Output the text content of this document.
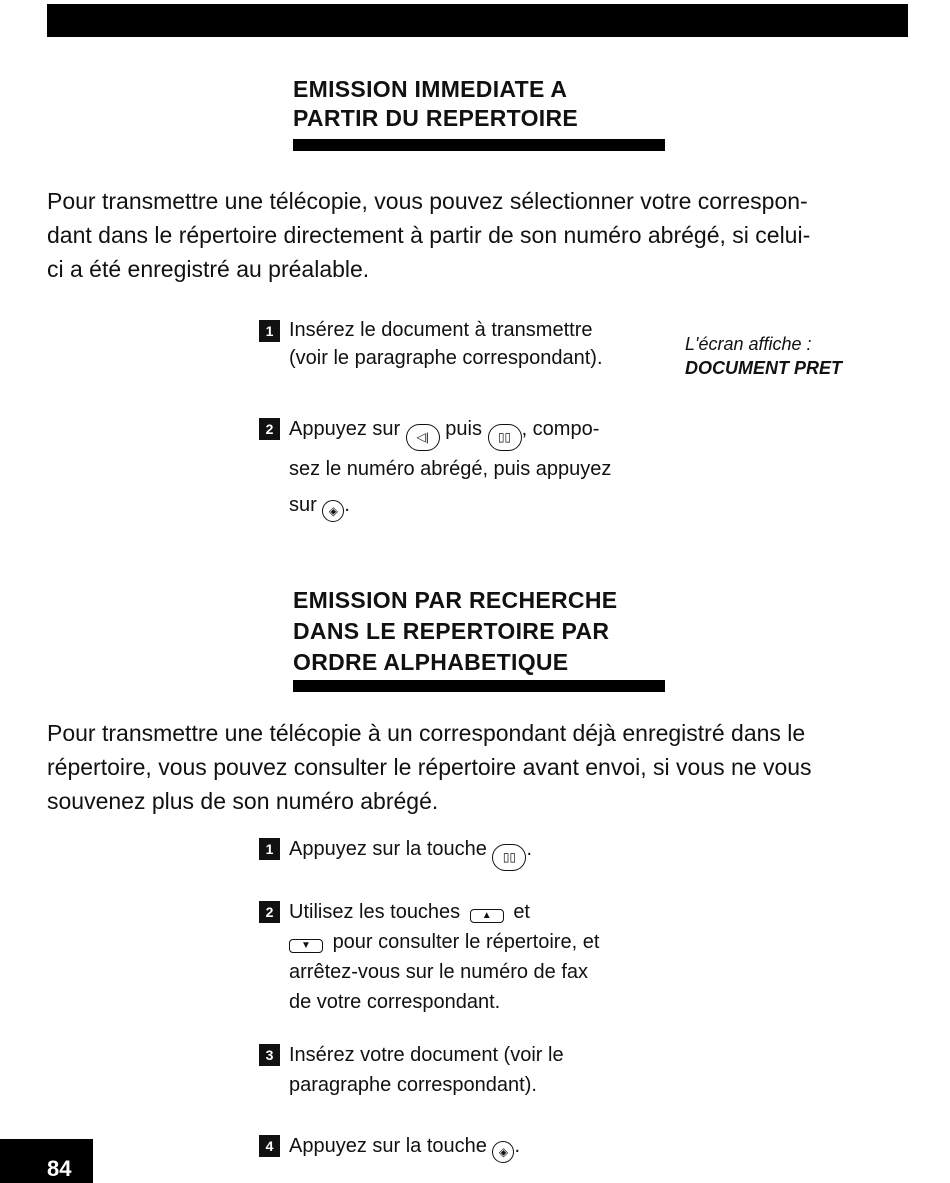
EMISSION IMMEDIATE A
PARTIR DU REPERTOIRE

Pour transmettre une télécopie, vous pouvez sélectionner votre correspon-
dant dans le répertoire directement à partir de son numéro abrégé, si celui-
ci a été enregistré au préalable.

1 Insérez le document à transmettre
(voir le paragraphe correspondant).
L'écran affiche :
DOCUMENT PRET
2 Appuyez sur ◁| puis ▯▯ , compo-
sez le numéro abrégé, puis appuyez
sur ◈ .
EMISSION PAR RECHERCHE
DANS LE REPERTOIRE PAR
ORDRE ALPHABETIQUE

Pour transmettre une télécopie à un correspondant déjà enregistré dans le
répertoire, vous pouvez consulter le répertoire avant envoi, si vous ne vous
souvenez plus de son numéro abrégé.

1 Appuyez sur la touche ▯▯ .
2 Utilisez les touches ▲ et
▼ pour consulter le répertoire, et
arrêtez-vous sur le numéro de fax
de votre correspondant.
3 Insérez votre document (voir le
paragraphe correspondant).
4 Appuyez sur la touche ◈ .
84
